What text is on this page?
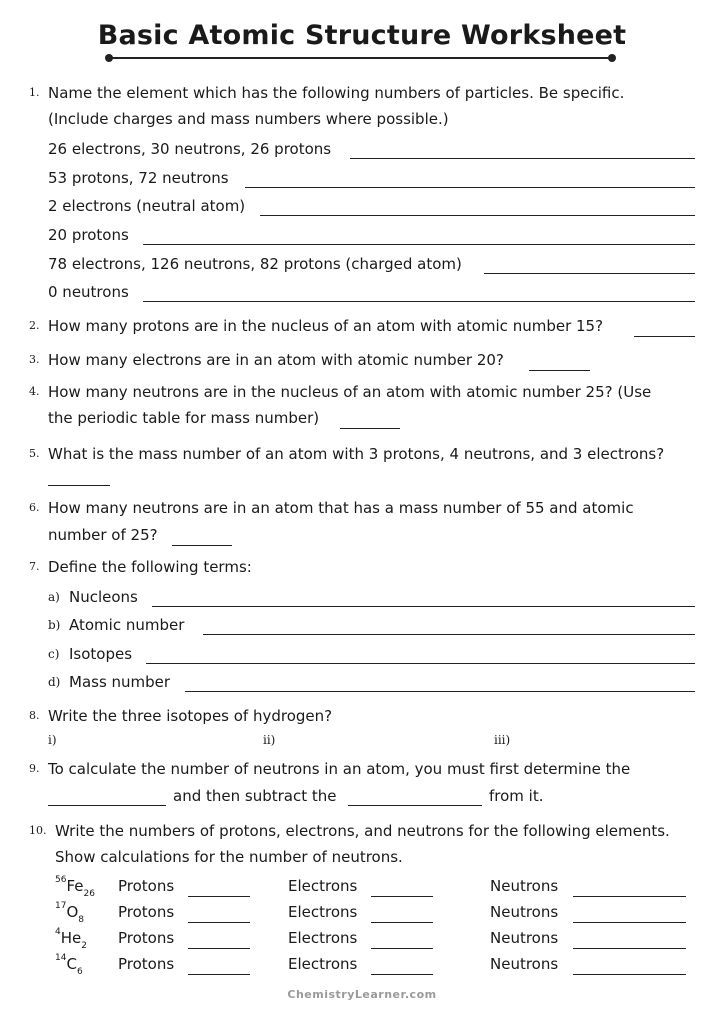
Basic Atomic Structure Worksheet
1. Name the element which has the following numbers of particles. Be specific.
(Include charges and mass numbers where possible.)
26 electrons, 30 neutrons, 26 protons
53 protons, 72 neutrons
2 electrons (neutral atom)
20 protons
78 electrons, 126 neutrons, 82 protons (charged atom)
0 neutrons
2. How many protons are in the nucleus of an atom with atomic number 15?
3. How many electrons are in an atom with atomic number 20?
4. How many neutrons are in the nucleus of an atom with atomic number 25? (Use
the periodic table for mass number)
5. What is the mass number of an atom with 3 protons, 4 neutrons, and 3 electrons?
6. How many neutrons are in an atom that has a mass number of 55 and atomic
number of 25?
7. Define the following terms:
a) Nucleons
b) Atomic number
c) Isotopes
d) Mass number
8. Write the three isotopes of hydrogen?
i)	ii)	iii)
9. To calculate the number of neutrons in an atom, you must first determine the
and then subtract the	from it.
10. Write the numbers of protons, electrons, and neutrons for the following elements.
Show calculations for the number of neutrons.
$^{56}Fe_{26}$ Protons	Electrons	Neutrons
$^{17}O_8$ Protons	Electrons	Neutrons
$^4He_2$ Protons	Electrons	Neutrons
$^{14}C_6$ Protons	Electrons	Neutrons
ChemistryLearner.com
